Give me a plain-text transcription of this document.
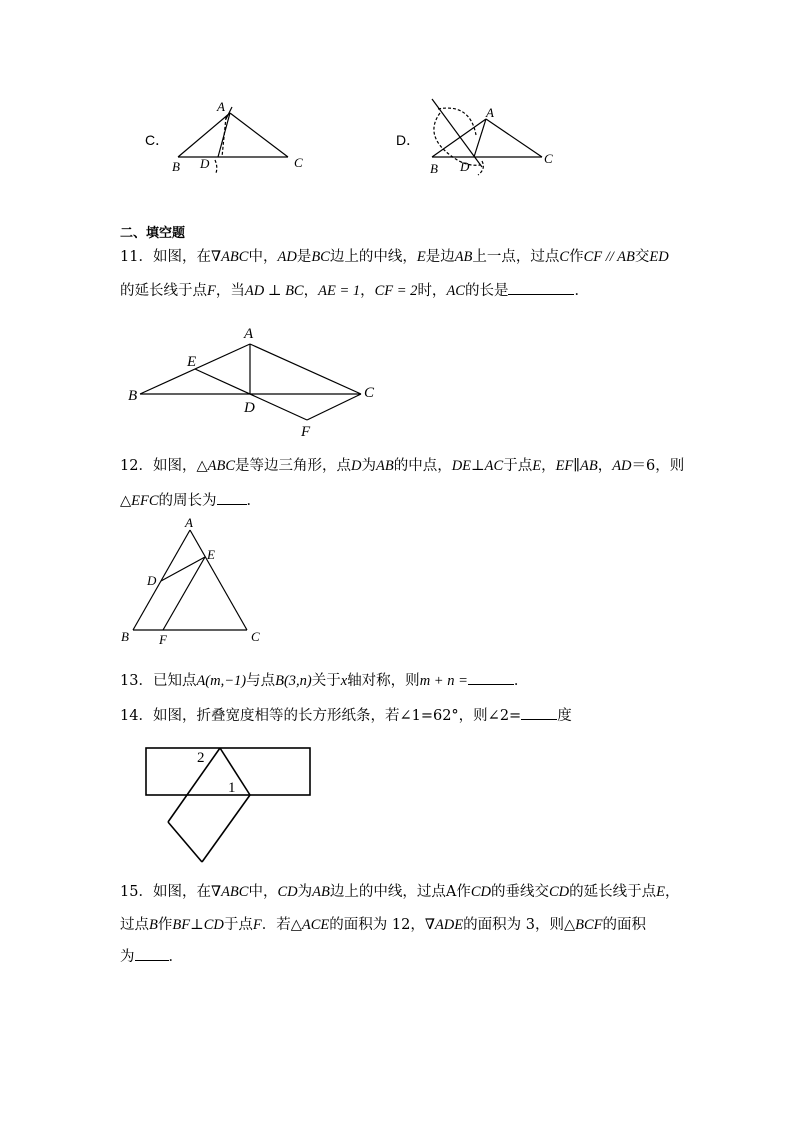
C．
A
B D	C
D．
A
B D
C
二、填空题
11．如图，在∇ABC中，AD是BC边上的中线，E是边AB上一点，过点C作CF // AB交ED
的延长线于点F，当AD ⊥ BC，AE = 1，CF = 2时，AC的长是	．
A
E
B
D
C
F
12．如图，△ABC是等边三角形，点D为AB的中点，DE⊥AC于点E，EF∥AB，AD＝6，则
△EFC的周长为 ．
A
E
D
B F	C
13．已知点A(m,−1)与点B(3,n)关于x轴对称，则m + n =	．
14．如图，折叠宽度相等的长方形纸条，若∠1=62°，则∠2= 度
2
1
15．如图，在∇ABC中，CD为AB边上的中线，过点A作CD的垂线交CD的延长线于点E，
过点B作BF⊥CD于点F．若△ACE的面积为 12，∇ADE的面积为 3，则△BCF的面积
为 ．
